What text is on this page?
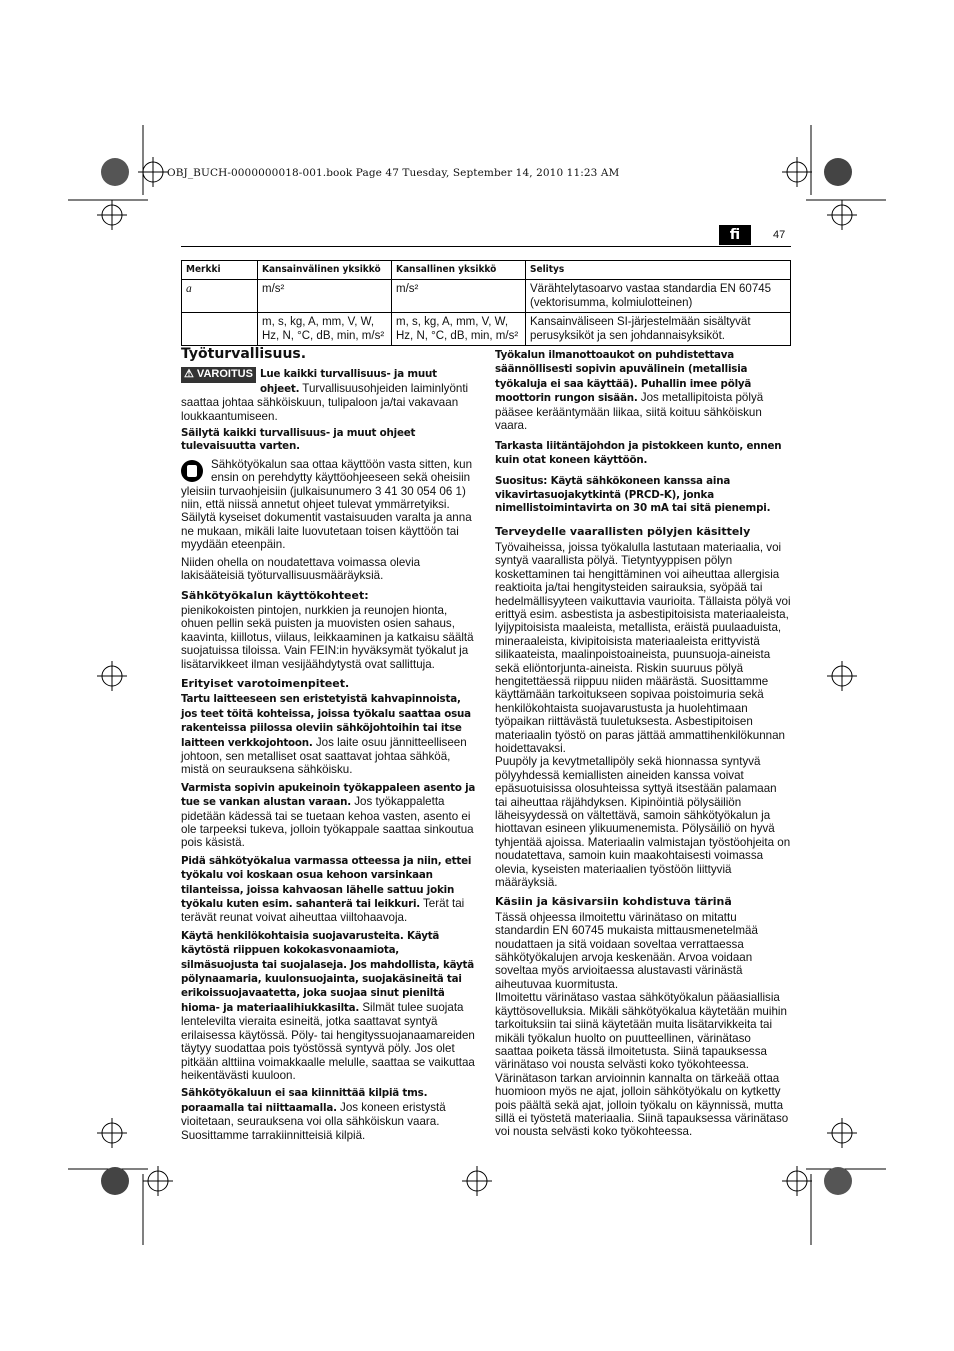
OBJ_BUCH-0000000018-001.book Page 47 Tuesday, September 14, 2010 11:23 AM
fi	47
Merkki	Kansainvälinen yksikkö	Kansallinen yksikkö	Selitys
a	m/s²	m/s²	Värähtelytasoarvo vastaa standardia EN 60745 (vektorisumma, kolmiulotteinen)
	m, s, kg, A, mm, V, W, Hz, N, °C, dB, min, m/s²	m, s, kg, A, mm, V, W, Hz, N, °C, dB, min, m/s²	Kansainväliseen SI-järjestelmään sisältyvät perusyksiköt ja sen johdannaisyksiköt.
Työturvallisuus.

⚠ VAROITUS Lue kaikki turvallisuus- ja muut ohjeet. Turvallisuusohjeiden laiminlyönti saattaa johtaa sähköiskuun, tulipaloon ja/tai vakavaan loukkaantumiseen.

Säilytä kaikki turvallisuus- ja muut ohjeet tulevaisuutta varten.

Sähkötyökalun saa ottaa käyttöön vasta sitten, kun ensin on perehdytty käyttöohjeeseen sekä oheisiin yleisiin turvaohjeisiin (julkaisunumero 3 41 30 054 06 1) niin, että niissä annetut ohjeet tulevat ymmärretyiksi. Säilytä kyseiset dokumentit vastaisuuden varalta ja anna ne mukaan, mikäli laite luovutetaan toisen käyttöön tai myydään eteenpäin.

Niiden ohella on noudatettava voimassa olevia lakisääteisiä työturvallisuusmääräyksiä.

Sähkötyökalun käyttökohteet:

pienikokoisten pintojen, nurkkien ja reunojen hionta, ohuen pellin sekä puisten ja muovisten osien sahaus, kaavinta, kiillotus, viilaus, leikkaaminen ja katkaisu säältä suojatuissa tiloissa. Vain FEIN:in hyväksymät työkalut ja lisätarvikkeet ilman vesijäähdytystä ovat sallittuja.

Erityiset varotoimenpiteet.

Tartu laitteeseen sen eristetyistä kahvapinnoista, jos teet töitä kohteissa, joissa työkalu saattaa osua rakenteissa piilossa oleviin sähköjohtoihin tai itse laitteen verkkojohtoon. Jos laite osuu jännitteelliseen johtoon, sen metalliset osat saattavat johtaa sähköä, mistä on seurauksena sähköisku.

Varmista sopivin apukeinoin työkappaleen asento ja tue se vankan alustan varaan. Jos työkappaletta pidetään kädessä tai se tuetaan kehoa vasten, asento ei ole tarpeeksi tukeva, jolloin työkappale saattaa sinkoutua pois käsistä.

Pidä sähkötyökalua varmassa otteessa ja niin, ettei työkalu voi koskaan osua kehoon varsinkaan tilanteissa, joissa kahvaosan lähelle sattuu jokin työkalu kuten esim. sahanterä tai leikkuri. Terät tai terävät reunat voivat aiheuttaa viiltohaavoja.

Käytä henkilökohtaisia suojavarusteita. Käytä käytöstä riippuen kokokasvonaamiota, silmäsuojusta tai suojalaseja. Jos mahdollista, käytä pölynaamaria, kuulonsuojainta, suojakäsineitä tai erikoissuojavaatetta, joka suojaa sinut pieniltä hioma- ja materiaalihiukkasilta. Silmät tulee suojata lentelevilta vieraita esineitä, jotka saattavat syntyä erilaisessa käytössä. Pöly- tai hengityssuojanaamareiden täytyy suodattaa pois työstössä syntyvä pöly. Jos olet pitkään alttiina voimakkaalle melulle, saattaa se vaikuttaa heikentävästi kuuloon.

Sähkötyökaluun ei saa kiinnittää kilpiä tms. poraamalla tai niittaamalla. Jos koneen eristystä vioitetaan, seurauksena voi olla sähköiskun vaara. Suosittamme tarrakiinnitteisiä kilpiä.

Työkalun ilmanottoaukot on puhdistettava säännöllisesti sopivin apuvälinein (metallisia työkaluja ei saa käyttää). Puhallin imee pölyä moottorin rungon sisään. Jos metallipitoista pölyä pääsee kerääntymään liikaa, siitä koituu sähköiskun vaara.

Tarkasta liitäntäjohdon ja pistokkeen kunto, ennen kuin otat koneen käyttöön.

Suositus: Käytä sähkökoneen kanssa aina vikavirtasuojakytkintä (PRCD-K), jonka nimellistoimintavirta on 30 mA tai sitä pienempi.

Terveydelle vaarallisten pölyjen käsittely

Työvaiheissa, joissa työkalulla lastutaan materiaalia, voi syntyä vaarallista pölyä. Tietyntyyppisen pölyn koskettaminen tai hengittäminen voi aiheuttaa allergisia reaktioita ja/tai hengitysteiden sairauksia, syöpää tai hedelmällisyyteen vaikuttavia vaurioita. Tällaista pölyä voi erittyä esim. asbestista ja asbestipitoisista materiaaleista, lyijypitoisista maaleista, metallista, eräistä puulaaduista, mineraaleista, kivipitoisista materiaaleista erittyvistä silikaateista, maalinpoistoaineista, puunsuoja-aineista sekä eliöntorjunta-aineista. Riskin suuruus pölyä hengitettäessä riippuu niiden määrästä. Suosittamme käyttämään tarkoitukseen sopivaa poistoimuria sekä henkilökohtaista suojavarustusta ja huolehtimaan työpaikan riittävästä tuuletuksesta. Asbestipitoisen materiaalin työstö on paras jättää ammattihenkilökunnan hoidettavaksi.

Puupöly ja kevytmetallipöly sekä hionnassa syntyvä pölyyhdessä kemiallisten aineiden kanssa voivat epäsuotuisissa olosuhteissa syttyä itsestään palamaan tai aiheuttaa räjähdyksen. Kipinöintiä pölysäiliön läheisyydessä on vältettävä, samoin sähkötyökalun ja hiottavan esineen ylikuumenemista. Pölysäiliö on hyvä tyhjentää ajoissa. Materiaalin valmistajan työstöohjeita on noudatettava, samoin kuin maakohtaisesti voimassa olevia, kyseisten materiaalien työstöön liittyviä määräyksiä.

Käsiin ja käsivarsiin kohdistuva tärinä

Tässä ohjeessa ilmoitettu värinätaso on mitattu standardin EN 60745 mukaista mittausmenetelmää noudattaen ja sitä voidaan soveltaa verrattaessa sähkötyökalujen arvoja keskenään. Arvoa voidaan soveltaa myös arvioitaessa alustavasti värinästä aiheutuvaa kuormitusta.

Ilmoitettu värinätaso vastaa sähkötyökalun pääasiallisia käyttösovelluksia. Mikäli sähkötyökalua käytetään muihin tarkoituksiin tai siinä käytetään muita lisätarvikkeita tai mikäli työkalun huolto on puutteellinen, värinätaso saattaa poiketa tässä ilmoitetusta. Siinä tapauksessa värinätaso voi nousta selvästi koko työkohteessa.

Värinätason tarkan arvioinnin kannalta on tärkeää ottaa huomioon myös ne ajat, jolloin sähkötyökalu on kytketty pois päältä sekä ajat, jolloin työkalu on käynnissä, mutta sillä ei työstetä materiaalia. Siinä tapauksessa värinätaso voi nousta selvästi koko työkohteessa.
